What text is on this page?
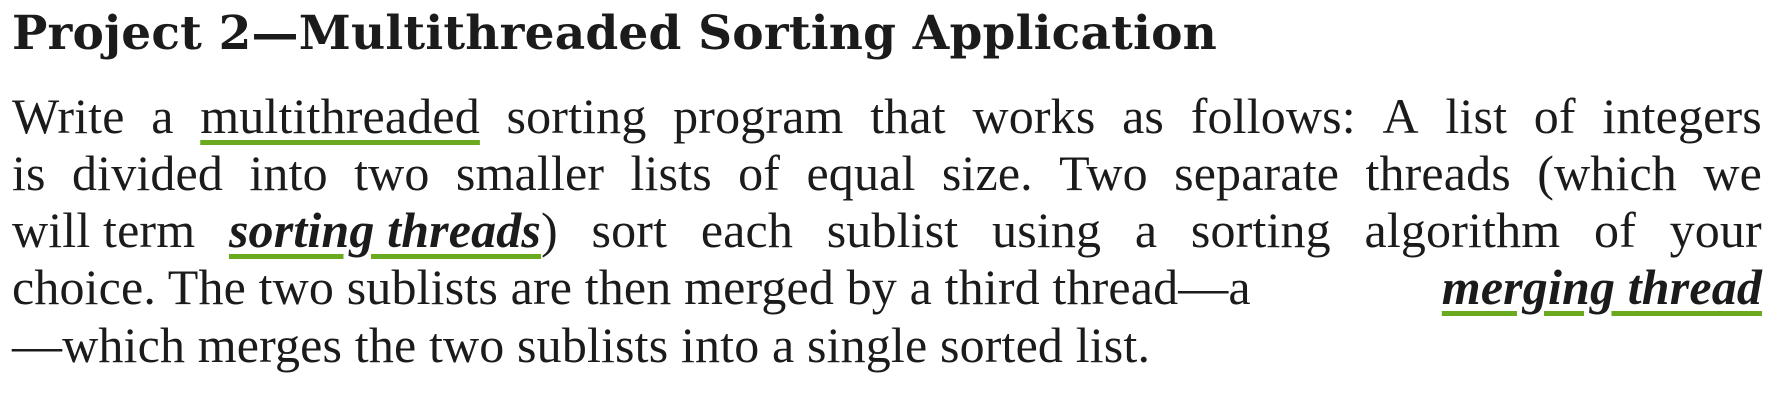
Project 2—Multithreaded Sorting Application
Write a multithreaded sorting program that works as follows: A list of integers
is divided into two smaller lists of equal size. Two separate threads (which we
will term sorting threads) sort each sublist using a sorting algorithm of your
choice. The two sublists are then merged by a third thread—a	merging thread

—which merges the two sublists into a single sorted list.
